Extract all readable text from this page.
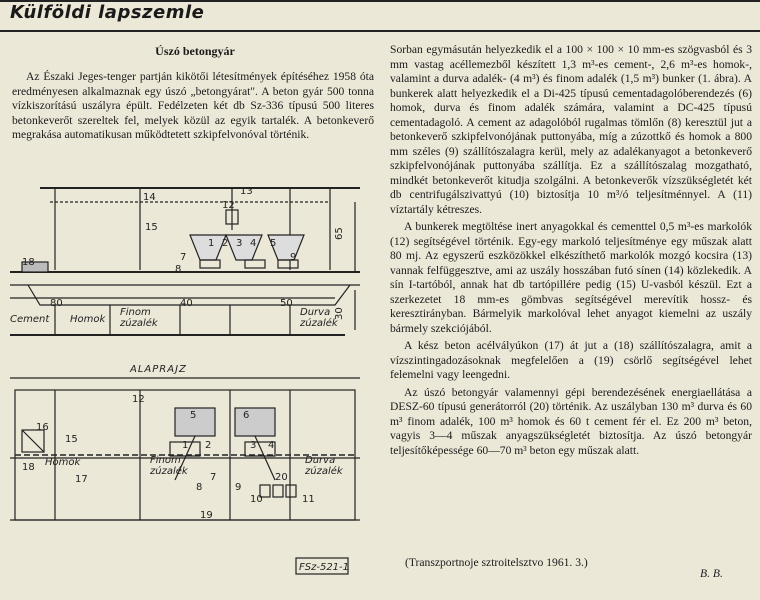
Külföldi lapszemle
Úszó betongyár

Az Északi Jeges-tenger partján kikötői létesítmények építéséhez 1958 óta eredményesen alkalmaznak egy úszó „betongyárat". A beton gyár 500 tonna vízkiszorítású uszályra épült. Fedélzeten két db Sz-336 típusú 500 literes betonkeverőt szereltek fel, melyek közül az egyik tartalék. A betonkeverő megrakása automatikusan működtetett szkipfelvonóval történik.

14
15
13
12
1 2 3 4 5
7
8
9
18
80	40	50
65
30
Cement Homok
Finom
zúzalék
Durva
zúzalék
ALAPRAJZ
Homok	Finom
zúzalék
Durva
zúzalék
16
15
1 2	3 4
5	6
7
8	9
10	11
17
18
19
20
12
FSz-521-1

Sorban egymásután helyezkedik el a 100 × 100 × 10 mm-es szögvasból és 3 mm vastag acéllemezből készített 1,3 m³-es cement-, 2,6 m³-es homok-, valamint a durva adalék- (4 m³) és finom adalék (1,5 m³) bunker (1. ábra). A bunkerek alatt helyezkedik el a Di-425 típusú cementadagolóberendezés (6) homok, durva és finom adalék számára, valamint a DC-425 típusú cementadagoló. A cement az adagolóból rugalmas tömlőn (8) keresztül jut a betonkeverő szkipfelvonójának puttonyába, míg a zúzottkő és homok a 800 mm széles (9) szállítószalagra kerül, mely az adalékanyagot a betonkeverő szkipfelvonójának puttonyába szállítja. Ez a szállítószalag mozgatható, mindkét betonkeverőt kitudja szolgálni. A betonkeverők vízszükségletét két db centrifugálszivattyú (10) biztosítja 10 m³/ó teljesítménnyel. A (11) víztartály kétreszes.

A bunkerek megtöltése inert anyagokkal és cementtel 0,5 m³-es markolók (12) segítségével történik. Egy-egy markoló teljesítménye egy műszak alatt 80 mj. Az egyszerű eszközökkel elkészíthető markolók mozgó kocsira (13) vannak felfüggesztve, ami az uszály hosszában futó sínen (14) közlekedik. A sín I-tartóból, annak hat db tartópillére pedig (15) U-vasból készül. Ezt a szerkezetet 18 mm-es gömbvas segítségével merevítik hossz- és keresztirányban. Bármelyik markolóval lehet anyagot kiemelni az uszály bármely szekciójából.

A kész beton acélvályúkon (17) át jut a (18) szállítószalagra, amit a vízszintingadozásoknak megfelelően a (19) csörlő segítségével lehet felemelni vagy leengedni.

Az úszó betongyár valamennyi gépi berendezésének energiaellátása a DESZ-60 típusú generátorról (20) történik. Az uszályban 130 m³ durva és 60 m³ finom adalék, 100 m³ homok és 60 t cement fér el. Ez 200 m³ beton, vagyis 3—4 műszak anyagszükségletét biztosítja. Az úszó betongyár teljesítőképessége 60—70 m³ beton egy műszak alatt.

(Transzportnoje sztroitelsztvo 1961. 3.)
B. B.
